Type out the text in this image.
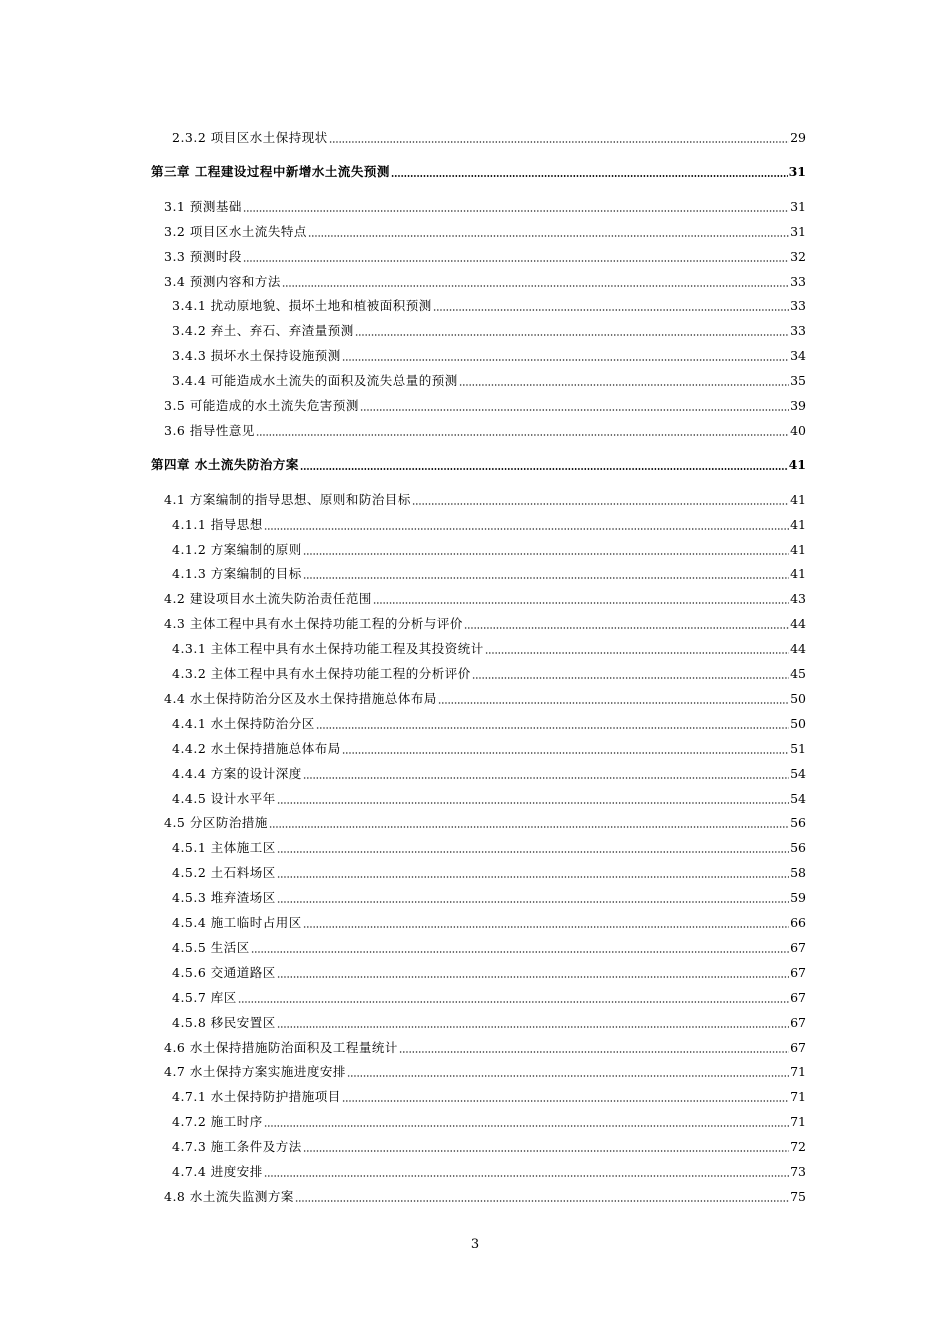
2.3.2 项目区水土保持现状	29
第三章 工程建设过程中新增水土流失预测	31
3.1 预测基础	31
3.2 项目区水土流失特点	31
3.3 预测时段	32
3.4 预测内容和方法	33
3.4.1 扰动原地貌、损坏土地和植被面积预测	33
3.4.2 弃土、弃石、弃渣量预测	33
3.4.3 损坏水土保持设施预测	34
3.4.4 可能造成水土流失的面积及流失总量的预测	35
3.5 可能造成的水土流失危害预测	39
3.6 指导性意见	40
第四章 水土流失防治方案	41
4.1 方案编制的指导思想、原则和防治目标	41
4.1.1 指导思想	41
4.1.2 方案编制的原则	41
4.1.3 方案编制的目标	41
4.2 建设项目水土流失防治责任范围	43
4.3 主体工程中具有水土保持功能工程的分析与评价	44
4.3.1 主体工程中具有水土保持功能工程及其投资统计	44
4.3.2 主体工程中具有水土保持功能工程的分析评价	45
4.4 水土保持防治分区及水土保持措施总体布局	50
4.4.1 水土保持防治分区	50
4.4.2 水土保持措施总体布局	51
4.4.4 方案的设计深度	54
4.4.5 设计水平年	54
4.5 分区防治措施	56
4.5.1 主体施工区	56
4.5.2 土石料场区	58
4.5.3 堆弃渣场区	59
4.5.4 施工临时占用区	66
4.5.5 生活区	67
4.5.6 交通道路区	67
4.5.7 库区	67
4.5.8 移民安置区	67
4.6 水土保持措施防治面积及工程量统计	67
4.7 水土保持方案实施进度安排	71
4.7.1 水土保持防护措施项目	71
4.7.2 施工时序	71
4.7.3 施工条件及方法	72
4.7.4 进度安排	73
4.8 水土流失监测方案	75
3
